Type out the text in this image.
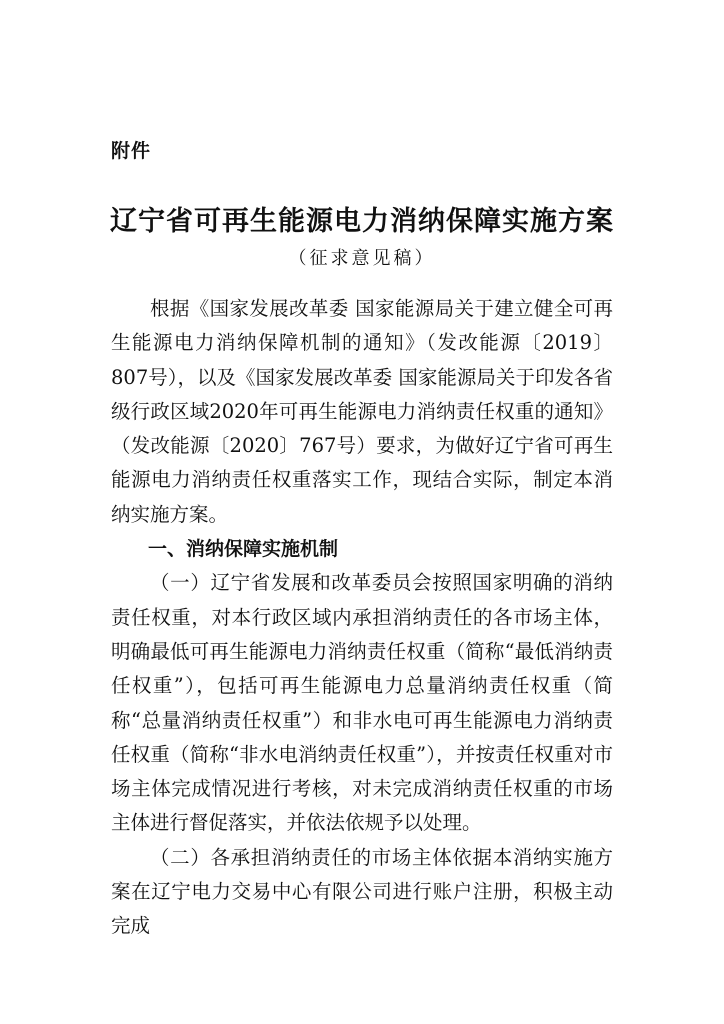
附件
辽宁省可再生能源电力消纳保障实施方案
（征求意见稿）

根据《国家发展改革委 国家能源局关于建立健全可再生能源电力消纳保障机制的通知》（发改能源〔2019〕807号），以及《国家发展改革委 国家能源局关于印发各省级行政区域2020年可再生能源电力消纳责任权重的通知》（发改能源〔2020〕767号）要求，为做好辽宁省可再生能源电力消纳责任权重落实工作，现结合实际，制定本消纳实施方案。

一、消纳保障实施机制

（一）辽宁省发展和改革委员会按照国家明确的消纳责任权重，对本行政区域内承担消纳责任的各市场主体，明确最低可再生能源电力消纳责任权重（简称“最低消纳责任权重”），包括可再生能源电力总量消纳责任权重（简称“总量消纳责任权重”）和非水电可再生能源电力消纳责任权重（简称“非水电消纳责任权重”），并按责任权重对市场主体完成情况进行考核，对未完成消纳责任权重的市场主体进行督促落实，并依法依规予以处理。

（二）各承担消纳责任的市场主体依据本消纳实施方案在辽宁电力交易中心有限公司进行账户注册，积极主动完成
